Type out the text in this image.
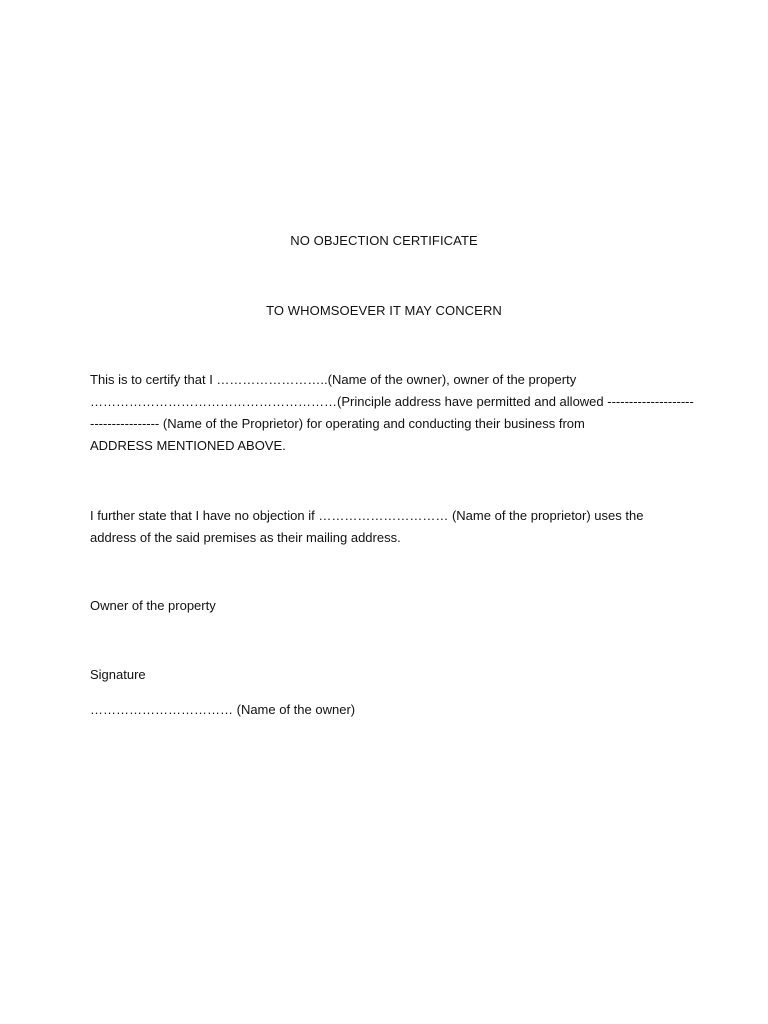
NO OBJECTION CERTIFICATE
TO WHOMSOEVER IT MAY CONCERN

This is to certify that I ……………………..(Name of the owner), owner of the property
…………………………………………………(Principle address have permitted and allowed --------------------
---------------- (Name of the Proprietor) for operating and conducting their business from
ADDRESS MENTIONED ABOVE.

I further state that I have no objection if ………………………… (Name of the proprietor) uses the
address of the said premises as their mailing address.

Owner of the property
Signature
…………………………… (Name of the owner)
